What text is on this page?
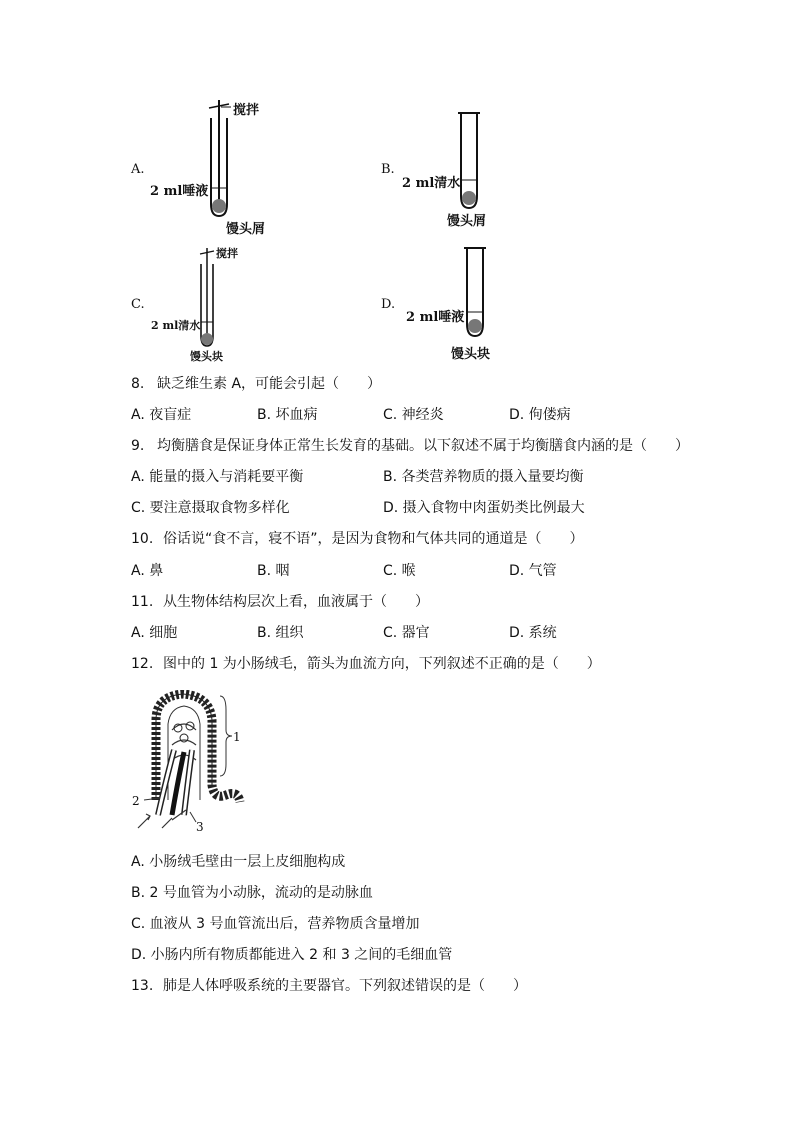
A.
搅拌
2 ml唾液
馒头屑
B.
2 ml清水
馒头屑
C.
搅拌
2 ml清水
馒头块
D.
2 ml唾液
馒头块
8. 缺乏维生素 A，可能会引起（　　）
A. 夜盲症	B. 坏血病	C. 神经炎	D. 佝偻病
9. 均衡膳食是保证身体正常生长发育的基础。以下叙述不属于均衡膳食内涵的是（　　）
A. 能量的摄入与消耗要平衡	B. 各类营养物质的摄入量要均衡
C. 要注意摄取食物多样化	D. 摄入食物中肉蛋奶类比例最大
10. 俗话说“食不言，寝不语”，是因为食物和气体共同的通道是（　　）
A. 鼻	B. 咽	C. 喉	D. 气管
11. 从生物体结构层次上看，血液属于（　　）
A. 细胞	B. 组织	C. 器官	D. 系统
12. 图中的 1 为小肠绒毛，箭头为血流方向，下列叙述不正确的是（　　）
1
2
3
A. 小肠绒毛壁由一层上皮细胞构成
B. 2 号血管为小动脉，流动的是动脉血
C. 血液从 3 号血管流出后，营养物质含量增加
D. 小肠内所有物质都能进入 2 和 3 之间的毛细血管
13. 肺是人体呼吸系统的主要器官。下列叙述错误的是（　　）
